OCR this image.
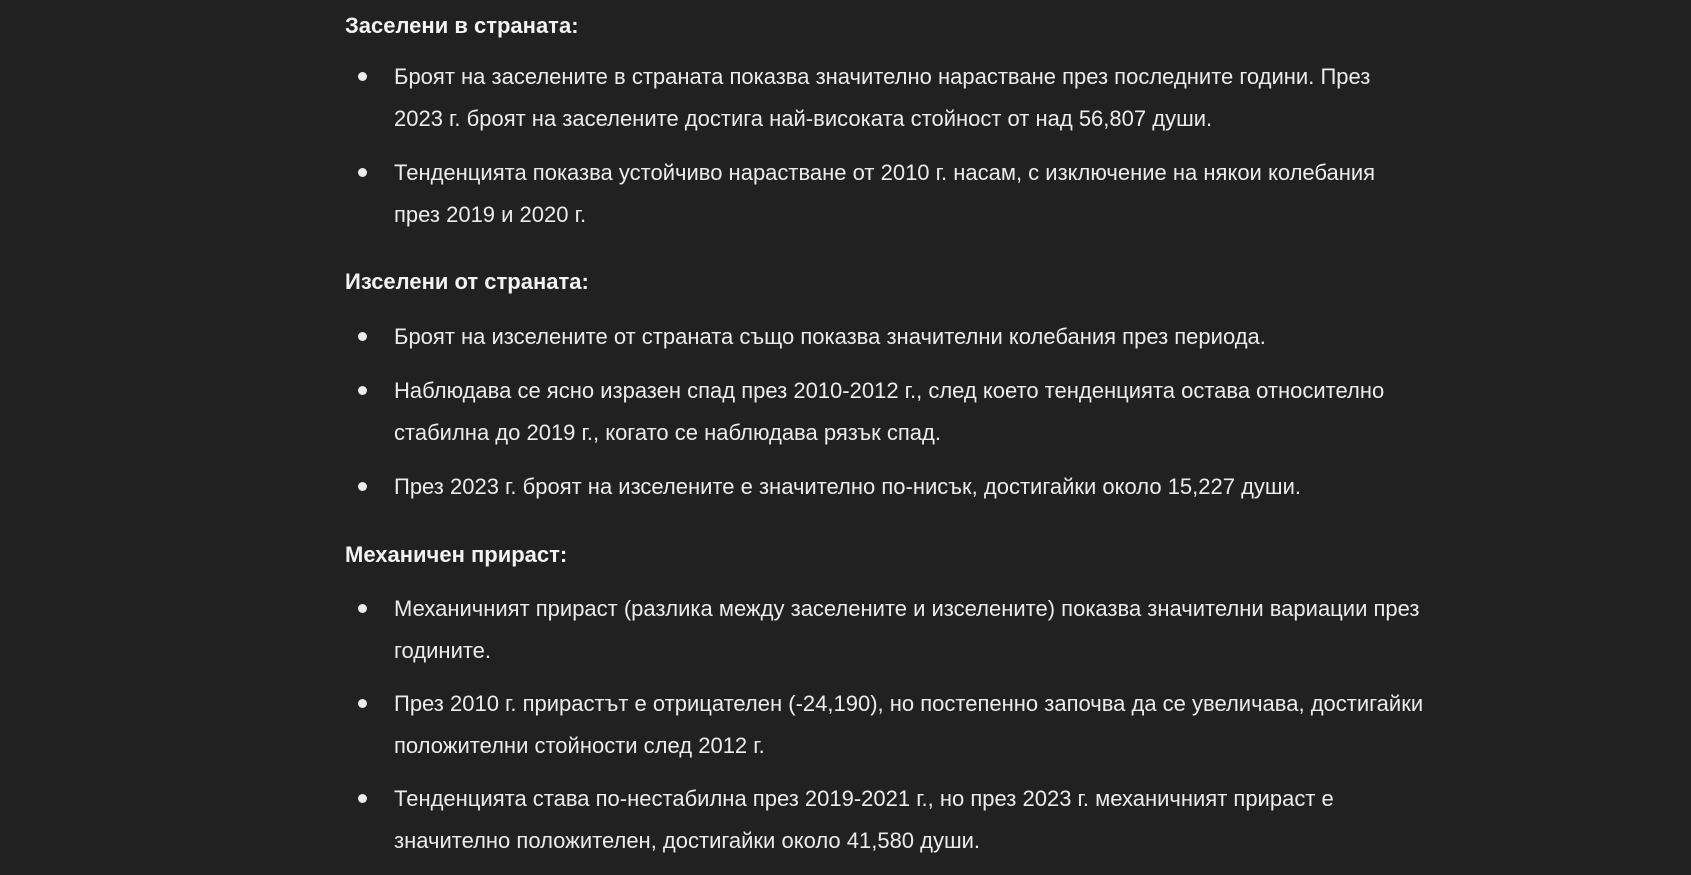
Заселени в страната:
Броят на заселените в страната показва значително нарастване през последните години. През 2023 г. броят на заселените достига най-високата стойност от над 56,807 души.
Тенденцията показва устойчиво нарастване от 2010 г. насам, с изключение на някои колебания през 2019 и 2020 г.
Изселени от страната:
Броят на изселените от страната също показва значителни колебания през периода.
Наблюдава се ясно изразен спад през 2010-2012 г., след което тенденцията остава относително стабилна до 2019 г., когато се наблюдава рязък спад.
През 2023 г. броят на изселените е значително по-нисък, достигайки около 15,227 души.
Механичен прираст:
Механичният прираст (разлика между заселените и изселените) показва значителни вариации през годините.
През 2010 г. прирастът е отрицателен (-24,190), но постепенно започва да се увеличава, достигайки положителни стойности след 2012 г.
Тенденцията става по-нестабилна през 2019-2021 г., но през 2023 г. механичният прираст е значително положителен, достигайки около 41,580 души.
